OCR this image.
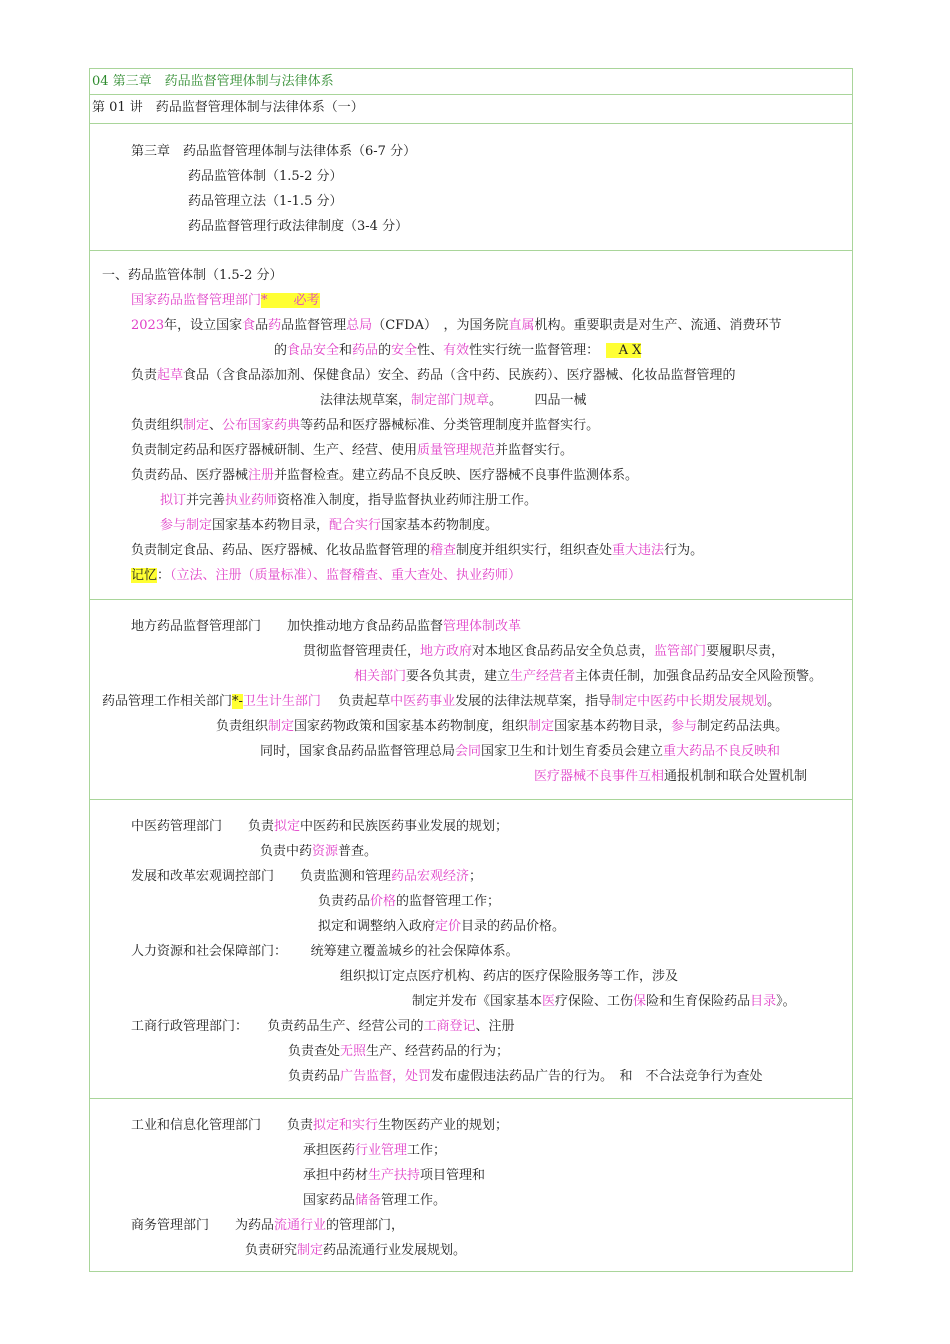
04 第三章　药品监督管理体制与法律体系
第 01 讲　药品监督管理体制与法律体系（一）
第三章　药品监督管理体制与法律体系（6-7 分）
药品监管体制（1.5-2 分）
药品管理立法（1-1.5 分）
药品监督管理行政法律制度（3-4 分）
一、药品监管体制（1.5-2 分）
国家药品监督管理部门*　　必考
2023年，设立国家食品药品监督管理总局（CFDA）　，为国务院直属机构。重要职责是对生产、流通、消费环节
的食品安全和药品的安全性、有效性实行统一监督管理：　　A X
负责起草食品（含食品添加剂、保健食品）安全、药品（含中药、民族药）、医疗器械、化妆品监督管理的
法律法规草案，制定部门规章。　　　四品一械
负责组织制定、公布国家药典等药品和医疗器械标准、分类管理制度并监督实行。
负责制定药品和医疗器械研制、生产、经营、使用质量管理规范并监督实行。
负责药品、医疗器械注册并监督检查。建立药品不良反映、医疗器械不良事件监测体系。
拟订并完善执业药师资格准入制度，指导监督执业药师注册工作。
参与制定国家基本药物目录，配合实行国家基本药物制度。
负责制定食品、药品、医疗器械、化妆品监督管理的稽查制度并组织实行，组织查处重大违法行为。
记忆：（立法、注册（质量标准）、监督稽查、重大查处、执业药师）
地方药品监督管理部门　　加快推动地方食品药品监督管理体制改革
贯彻监督管理责任，地方政府对本地区食品药品安全负总责，监管部门要履职尽责，
相关部门要各负其责，建立生产经营者主体责任制，加强食品药品安全风险预警。
药品管理工作相关部门*-卫生计生部门　 负责起草中医药事业发展的法律法规草案，指导制定中医药中长期发展规划。
负责组织制定国家药物政策和国家基本药物制度，组织制定国家基本药物目录，参与制定药品法典。
同时，国家食品药品监督管理总局会同国家卫生和计划生育委员会建立重大药品不良反映和
医疗器械不良事件互相通报机制和联合处置机制
中医药管理部门　　负责拟定中医药和民族医药事业发展的规划；
负责中药资源普查。
发展和改革宏观调控部门　　负责监测和管理药品宏观经济；
负责药品价格的监督管理工作；
拟定和调整纳入政府定价目录的药品价格。
人力资源和社会保障部门：　　 统筹建立覆盖城乡的社会保障体系。
组织拟订定点医疗机构、药店的医疗保险服务等工作，涉及
制定并发布《国家基本医疗保险、工伤保险和生育保险药品目录》。
工商行政管理部门：　　负责药品生产、经营公司的工商登记、注册
负责查处无照生产、经营药品的行为；
负责药品广告监督，处罚发布虚假违法药品广告的行为。　和　不合法竞争行为查处
工业和信息化管理部门　　负责拟定和实行生物医药产业的规划；
承担医药行业管理工作；
承担中药材生产扶持项目管理和
国家药品储备管理工作。
商务管理部门　　为药品流通行业的管理部门，
负责研究制定药品流通行业发展规划。
